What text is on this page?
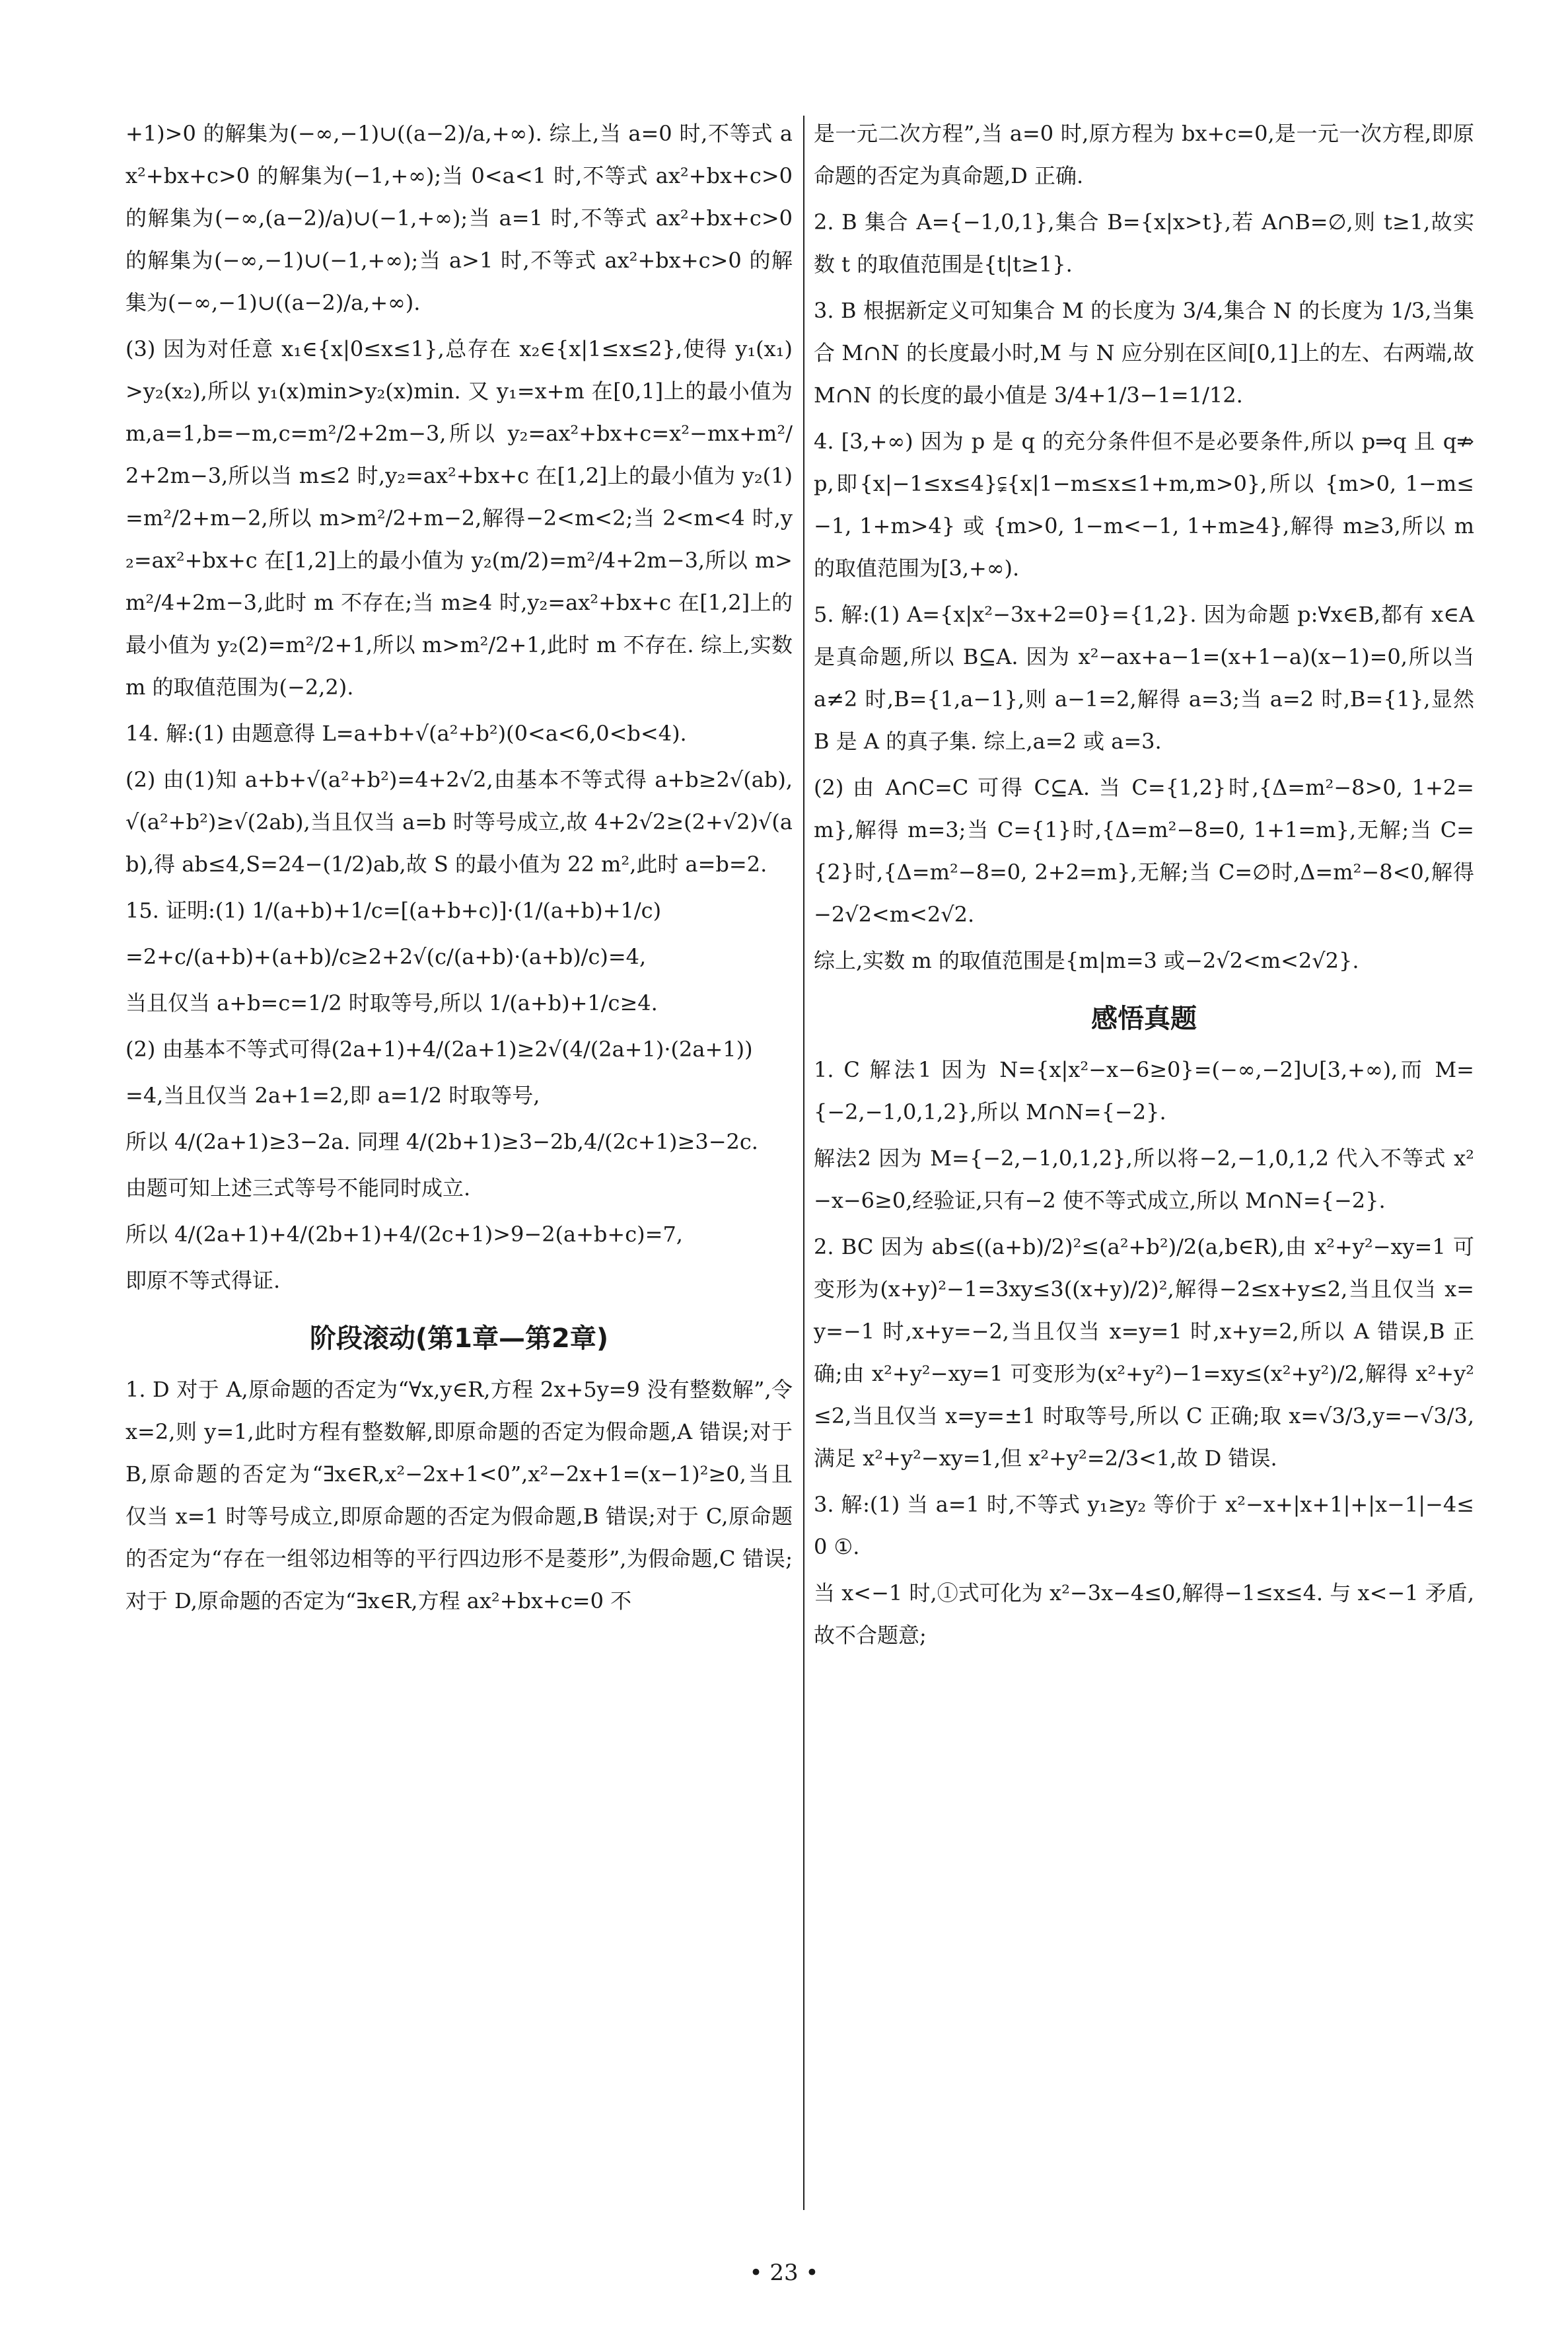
+1)>0 的解集为(−∞,−1)∪((a−2)/a,+∞). 综上,当 a=0 时,不等式 ax²+bx+c>0 的解集为(−1,+∞);当 0<a<1 时,不等式 ax²+bx+c>0 的解集为(−∞,(a−2)/a)∪(−1,+∞);当 a=1 时,不等式 ax²+bx+c>0 的解集为(−∞,−1)∪(−1,+∞);当 a>1 时,不等式 ax²+bx+c>0 的解集为(−∞,−1)∪((a−2)/a,+∞).

(3) 因为对任意 x₁∈{x|0≤x≤1},总存在 x₂∈{x|1≤x≤2},使得 y₁(x₁)>y₂(x₂),所以 y₁(x)min>y₂(x)min. 又 y₁=x+m 在[0,1]上的最小值为 m,a=1,b=−m,c=m²/2+2m−3,所以 y₂=ax²+bx+c=x²−mx+m²/2+2m−3,所以当 m≤2 时,y₂=ax²+bx+c 在[1,2]上的最小值为 y₂(1)=m²/2+m−2,所以 m>m²/2+m−2,解得−2<m<2;当 2<m<4 时,y₂=ax²+bx+c 在[1,2]上的最小值为 y₂(m/2)=m²/4+2m−3,所以 m>m²/4+2m−3,此时 m 不存在;当 m≥4 时,y₂=ax²+bx+c 在[1,2]上的最小值为 y₂(2)=m²/2+1,所以 m>m²/2+1,此时 m 不存在. 综上,实数 m 的取值范围为(−2,2).

14. 解:(1) 由题意得 L=a+b+√(a²+b²)(0<a<6,0<b<4).

(2) 由(1)知 a+b+√(a²+b²)=4+2√2,由基本不等式得 a+b≥2√(ab),√(a²+b²)≥√(2ab),当且仅当 a=b 时等号成立,故 4+2√2≥(2+√2)√(ab),得 ab≤4,S=24−(1/2)ab,故 S 的最小值为 22 m²,此时 a=b=2.

15. 证明:(1) 1/(a+b)+1/c=[(a+b+c)]·(1/(a+b)+1/c)

=2+c/(a+b)+(a+b)/c≥2+2√(c/(a+b)·(a+b)/c)=4,

当且仅当 a+b=c=1/2 时取等号,所以 1/(a+b)+1/c≥4.

(2) 由基本不等式可得(2a+1)+4/(2a+1)≥2√(4/(2a+1)·(2a+1))

=4,当且仅当 2a+1=2,即 a=1/2 时取等号,

所以 4/(2a+1)≥3−2a. 同理 4/(2b+1)≥3−2b,4/(2c+1)≥3−2c.

由题可知上述三式等号不能同时成立.

所以 4/(2a+1)+4/(2b+1)+4/(2c+1)>9−2(a+b+c)=7,

即原不等式得证.

阶段滚动(第1章—第2章)

1. D 对于 A,原命题的否定为“∀x,y∈R,方程 2x+5y=9 没有整数解”,令 x=2,则 y=1,此时方程有整数解,即原命题的否定为假命题,A 错误;对于 B,原命题的否定为“∃x∈R,x²−2x+1<0”,x²−2x+1=(x−1)²≥0,当且仅当 x=1 时等号成立,即原命题的否定为假命题,B 错误;对于 C,原命题的否定为“存在一组邻边相等的平行四边形不是菱形”,为假命题,C 错误;对于 D,原命题的否定为“∃x∈R,方程 ax²+bx+c=0 不

是一元二次方程”,当 a=0 时,原方程为 bx+c=0,是一元一次方程,即原命题的否定为真命题,D 正确.

2. B 集合 A={−1,0,1},集合 B={x|x>t},若 A∩B=∅,则 t≥1,故实数 t 的取值范围是{t|t≥1}.

3. B 根据新定义可知集合 M 的长度为 3/4,集合 N 的长度为 1/3,当集合 M∩N 的长度最小时,M 与 N 应分别在区间[0,1]上的左、右两端,故 M∩N 的长度的最小值是 3/4+1/3−1=1/12.

4. [3,+∞) 因为 p 是 q 的充分条件但不是必要条件,所以 p⇒q 且 q⇏p,即{x|−1≤x≤4}⫋{x|1−m≤x≤1+m,m>0},所以 {m>0, 1−m≤−1, 1+m>4} 或 {m>0, 1−m<−1, 1+m≥4},解得 m≥3,所以 m 的取值范围为[3,+∞).

5. 解:(1) A={x|x²−3x+2=0}={1,2}. 因为命题 p:∀x∈B,都有 x∈A 是真命题,所以 B⊆A. 因为 x²−ax+a−1=(x+1−a)(x−1)=0,所以当 a≠2 时,B={1,a−1},则 a−1=2,解得 a=3;当 a=2 时,B={1},显然 B 是 A 的真子集. 综上,a=2 或 a=3.

(2) 由 A∩C=C 可得 C⊆A. 当 C={1,2}时,{Δ=m²−8>0, 1+2=m},解得 m=3;当 C={1}时,{Δ=m²−8=0, 1+1=m},无解;当 C={2}时,{Δ=m²−8=0, 2+2=m},无解;当 C=∅时,Δ=m²−8<0,解得−2√2<m<2√2.

综上,实数 m 的取值范围是{m|m=3 或−2√2<m<2√2}.

感悟真题

1. C 解法1 因为 N={x|x²−x−6≥0}=(−∞,−2]∪[3,+∞),而 M={−2,−1,0,1,2},所以 M∩N={−2}.

解法2 因为 M={−2,−1,0,1,2},所以将−2,−1,0,1,2 代入不等式 x²−x−6≥0,经验证,只有−2 使不等式成立,所以 M∩N={−2}.

2. BC 因为 ab≤((a+b)/2)²≤(a²+b²)/2(a,b∈R),由 x²+y²−xy=1 可变形为(x+y)²−1=3xy≤3((x+y)/2)²,解得−2≤x+y≤2,当且仅当 x=y=−1 时,x+y=−2,当且仅当 x=y=1 时,x+y=2,所以 A 错误,B 正确;由 x²+y²−xy=1 可变形为(x²+y²)−1=xy≤(x²+y²)/2,解得 x²+y²≤2,当且仅当 x=y=±1 时取等号,所以 C 正确;取 x=√3/3,y=−√3/3,满足 x²+y²−xy=1,但 x²+y²=2/3<1,故 D 错误.

3. 解:(1) 当 a=1 时,不等式 y₁≥y₂ 等价于 x²−x+|x+1|+|x−1|−4≤0 ①.

当 x<−1 时,①式可化为 x²−3x−4≤0,解得−1≤x≤4. 与 x<−1 矛盾,故不合题意;

• 23 •
